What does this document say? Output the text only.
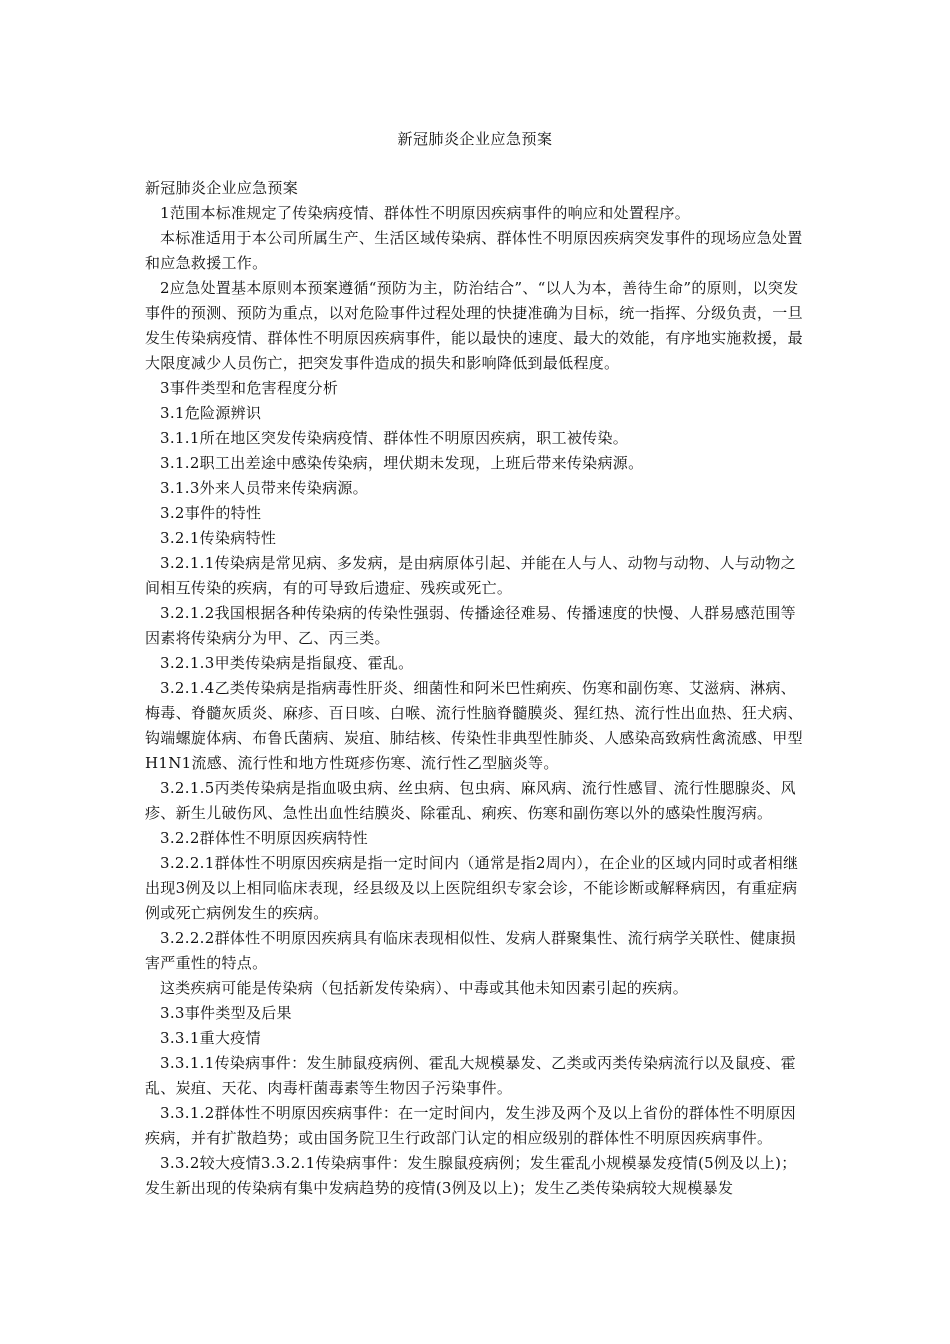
新冠肺炎企业应急预案

新冠肺炎企业应急预案

1范围本标准规定了传染病疫情、群体性不明原因疾病事件的响应和处置程序。

本标准适用于本公司所属生产、生活区域传染病、群体性不明原因疾病突发事件的现场应急处置和应急救援工作。

2应急处置基本原则本预案遵循“预防为主，防治结合”、“以人为本，善待生命”的原则，以突发事件的预测、预防为重点，以对危险事件过程处理的快捷准确为目标，统一指挥、分级负责，一旦发生传染病疫情、群体性不明原因疾病事件，能以最快的速度、最大的效能，有序地实施救援，最大限度减少人员伤亡，把突发事件造成的损失和影响降低到最低程度。

3事件类型和危害程度分析

3.1危险源辨识

3.1.1所在地区突发传染病疫情、群体性不明原因疾病，职工被传染。

3.1.2职工出差途中感染传染病，埋伏期未发现，上班后带来传染病源。

3.1.3外来人员带来传染病源。

3.2事件的特性

3.2.1传染病特性

3.2.1.1传染病是常见病、多发病，是由病原体引起、并能在人与人、动物与动物、人与动物之间相互传染的疾病，有的可导致后遗症、残疾或死亡。

3.2.1.2我国根据各种传染病的传染性强弱、传播途径难易、传播速度的快慢、人群易感范围等因素将传染病分为甲、乙、丙三类。

3.2.1.3甲类传染病是指鼠疫、霍乱。

3.2.1.4乙类传染病是指病毒性肝炎、细菌性和阿米巴性痢疾、伤寒和副伤寒、艾滋病、淋病、梅毒、脊髓灰质炎、麻疹、百日咳、白喉、流行性脑脊髓膜炎、猩红热、流行性出血热、狂犬病、钩端螺旋体病、布鲁氏菌病、炭疽、肺结核、传染性非典型性肺炎、人感染高致病性禽流感、甲型H1N1流感、流行性和地方性斑疹伤寒、流行性乙型脑炎等。

3.2.1.5丙类传染病是指血吸虫病、丝虫病、包虫病、麻风病、流行性感冒、流行性腮腺炎、风疹、新生儿破伤风、急性出血性结膜炎、除霍乱、痢疾、伤寒和副伤寒以外的感染性腹泻病。

3.2.2群体性不明原因疾病特性

3.2.2.1群体性不明原因疾病是指一定时间内（通常是指2周内），在企业的区域内同时或者相继出现3例及以上相同临床表现，经县级及以上医院组织专家会诊，不能诊断或解释病因，有重症病例或死亡病例发生的疾病。

3.2.2.2群体性不明原因疾病具有临床表现相似性、发病人群聚集性、流行病学关联性、健康损害严重性的特点。

这类疾病可能是传染病（包括新发传染病）、中毒或其他未知因素引起的疾病。

3.3事件类型及后果

3.3.1重大疫情

3.3.1.1传染病事件：发生肺鼠疫病例、霍乱大规模暴发、乙类或丙类传染病流行以及鼠疫、霍乱、炭疽、天花、肉毒杆菌毒素等生物因子污染事件。

3.3.1.2群体性不明原因疾病事件：在一定时间内，发生涉及两个及以上省份的群体性不明原因疾病，并有扩散趋势；或由国务院卫生行政部门认定的相应级别的群体性不明原因疾病事件。

3.3.2较大疫情3.3.2.1传染病事件：发生腺鼠疫病例；发生霍乱小规模暴发疫情(5例及以上)；发生新出现的传染病有集中发病趋势的疫情(3例及以上)；发生乙类传染病较大规模暴发
